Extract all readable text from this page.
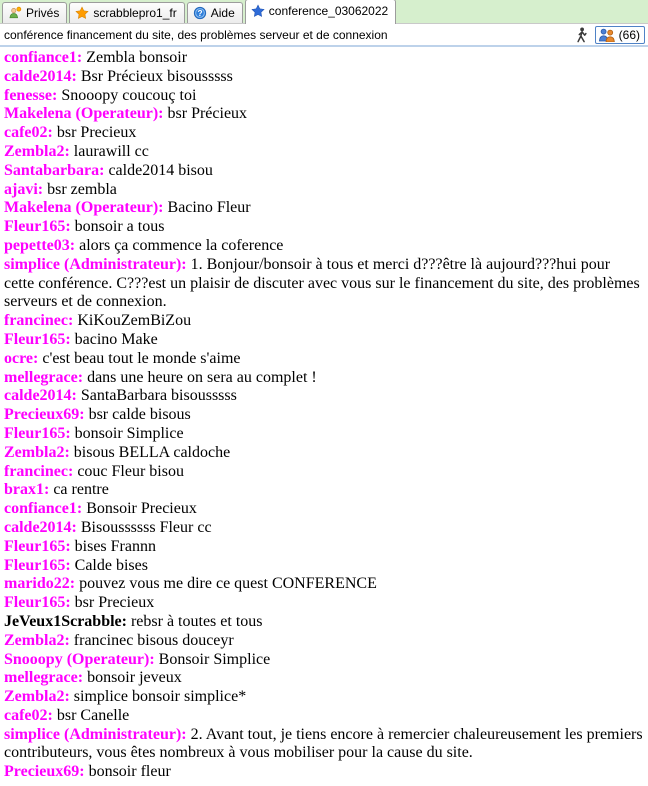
Privés	scrabblepro1_fr ? Aide	conference_03062022
conférence financement du site, des problèmes serveur et de connexion	(66)
confiance1: Zembla bonsoir
calde2014: Bsr Précieux bisousssss
fenesse: Snooopy coucouç toi
Makelena (Operateur): bsr Précieux
cafe02: bsr Precieux
Zembla2: laurawill cc
Santabarbara: calde2014 bisou
ajavi: bsr zembla
Makelena (Operateur): Bacino Fleur
Fleur165: bonsoir a tous
pepette03: alors ça commence la coference
simplice (Administrateur): 1. Bonjour/bonsoir à tous et merci d???être là aujourd???hui pour cette conférence. C???est un plaisir de discuter avec vous sur le financement du site, des problèmes serveurs et de connexion.
francinec: KiKouZemBiZou
Fleur165: bacino Make
ocre: c'est beau tout le monde s'aime
mellegrace: dans une heure on sera au complet !
calde2014: SantaBarbara bisousssss
Precieux69: bsr calde bisous
Fleur165: bonsoir Simplice
Zembla2: bisous BELLA caldoche
francinec: couc Fleur bisou
brax1: ca rentre
confiance1: Bonsoir Precieux
calde2014: Bisoussssss Fleur cc
Fleur165: bises Frannn
Fleur165: Calde bises
marido22: pouvez vous me dire ce quest CONFERENCE
Fleur165: bsr Precieux
JeVeux1Scrabble: rebsr à toutes et tous
Zembla2: francinec bisous douceyr
Snooopy (Operateur): Bonsoir Simplice
mellegrace: bonsoir jeveux
Zembla2: simplice bonsoir simplice*
cafe02: bsr Canelle
simplice (Administrateur): 2. Avant tout, je tiens encore à remercier chaleureusement les premiers contributeurs, vous êtes nombreux à vous mobiliser pour la cause du site.
Precieux69: bonsoir fleur
